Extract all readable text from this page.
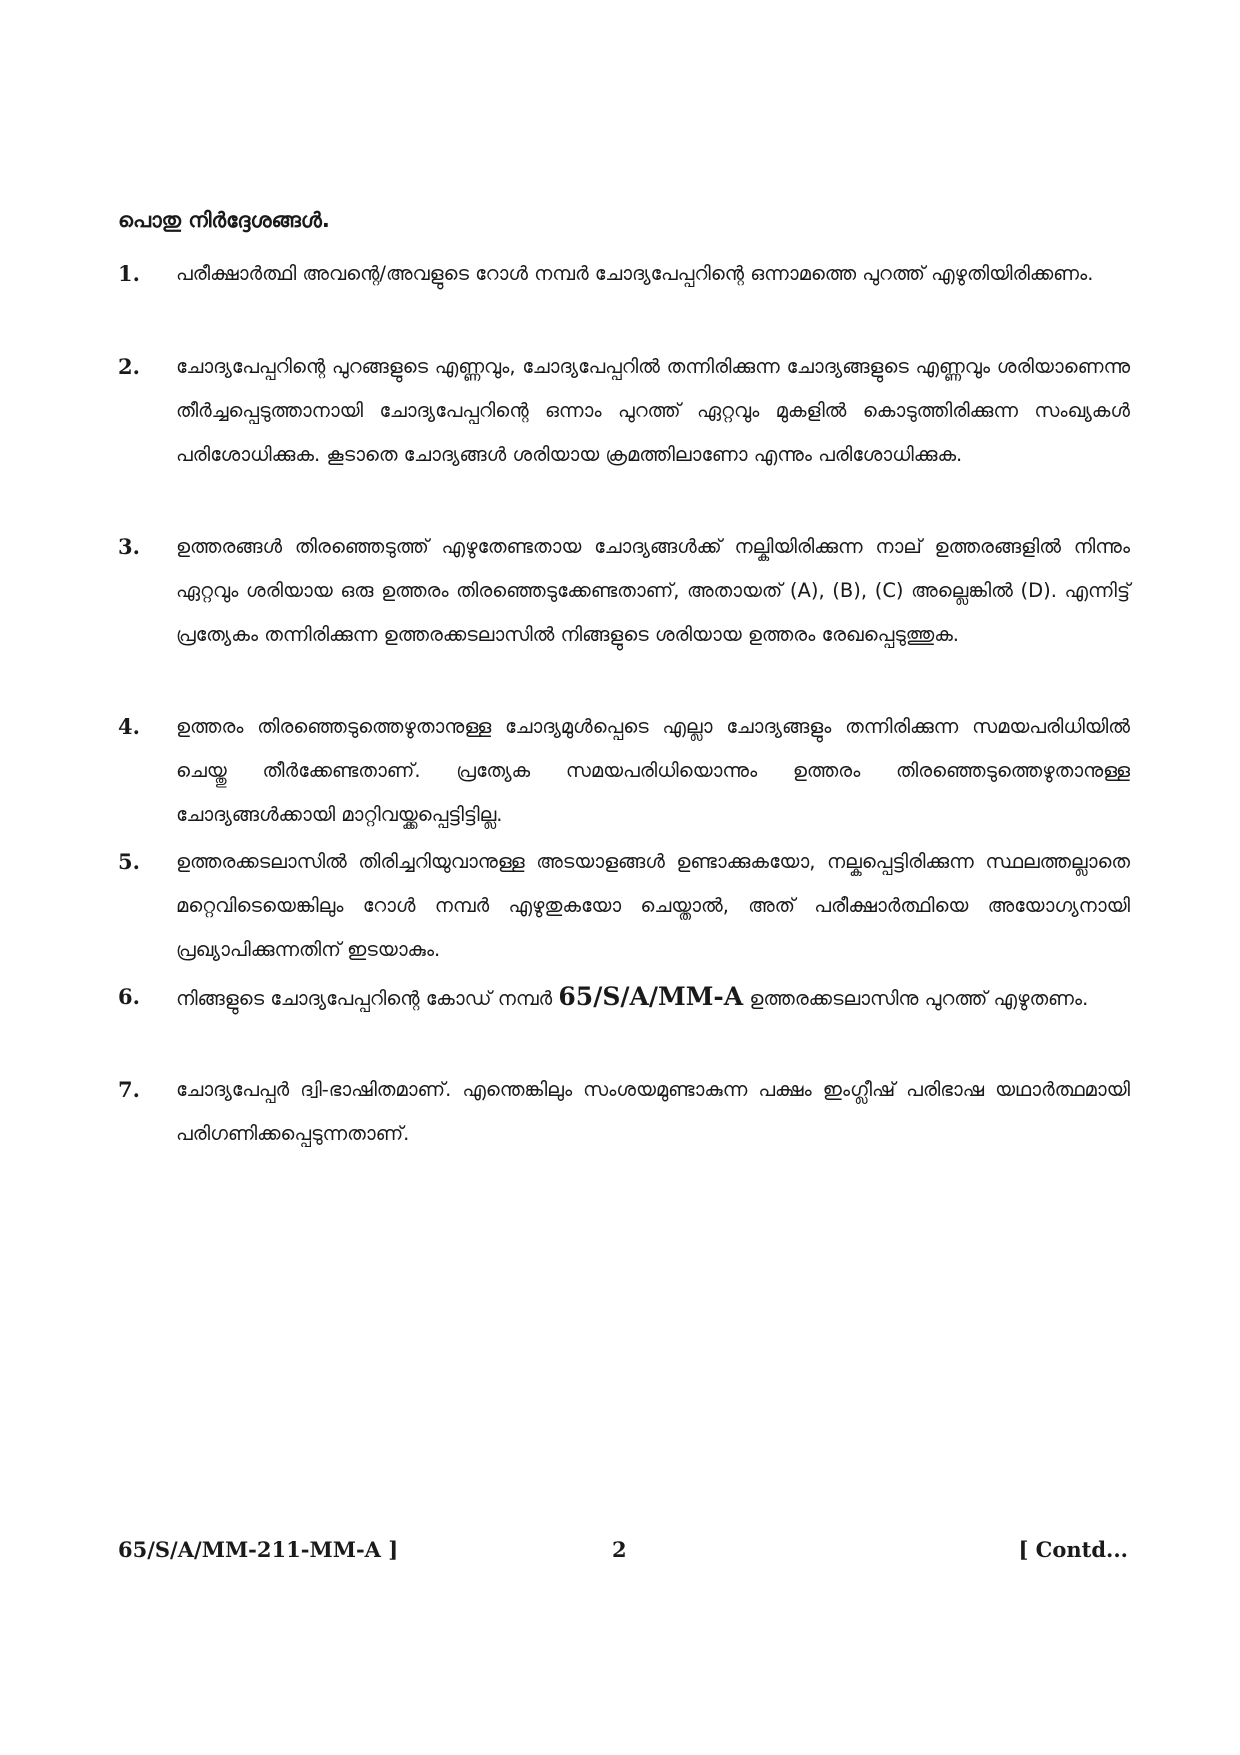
പൊതു നിർദ്ദേശങ്ങൾ.
1. പരീക്ഷാർത്ഥി അവന്റെ/അവളുടെ റോൾ നമ്പർ ചോദ്യപേപ്പറിന്റെ ഒന്നാമത്തെ പുറത്ത് എഴുതിയിരിക്കണം.
2. ചോദ്യപേപ്പറിന്റെ പുറങ്ങളുടെ എണ്ണവും, ചോദ്യപേപ്പറിൽ തന്നിരിക്കുന്ന ചോദ്യങ്ങളുടെ എണ്ണവും ശരിയാണെന്നു തീർച്ചപ്പെടുത്താനായി ചോദ്യപേപ്പറിന്റെ ഒന്നാം പുറത്ത് ഏറ്റവും മുകളിൽ കൊടുത്തിരിക്കുന്ന സംഖ്യകൾ പരിശോധിക്കുക. കൂടാതെ ചോദ്യങ്ങൾ ശരിയായ ക്രമത്തിലാണോ എന്നും പരിശോധിക്കുക.
3. ഉത്തരങ്ങൾ തിരഞ്ഞെടുത്ത് എഴുതേണ്ടതായ ചോദ്യങ്ങൾക്ക് നല്കിയിരിക്കുന്ന നാല് ഉത്തരങ്ങളിൽ നിന്നും ഏറ്റവും ശരിയായ ഒരു ഉത്തരം തിരഞ്ഞെടുക്കേണ്ടതാണ്, അതായത് (A), (B), (C) അല്ലെങ്കിൽ (D). എന്നിട്ട് പ്രത്യേകം തന്നിരിക്കുന്ന ഉത്തരക്കടലാസിൽ നിങ്ങളുടെ ശരിയായ ഉത്തരം രേഖപ്പെടുത്തുക.
4. ഉത്തരം തിരഞ്ഞെടുത്തെഴുതാനുള്ള ചോദ്യമുൾപ്പെടെ എല്ലാ ചോദ്യങ്ങളും തന്നിരിക്കുന്ന സമയപരിധിയിൽ ചെയ്തു തീർക്കേണ്ടതാണ്. പ്രത്യേക സമയപരിധിയൊന്നും ഉത്തരം തിരഞ്ഞെടുത്തെഴുതാനുള്ള ചോദ്യങ്ങൾക്കായി മാറ്റിവയ്ക്കപ്പെട്ടിട്ടില്ല.
5. ഉത്തരക്കടലാസിൽ തിരിച്ചറിയുവാനുള്ള അടയാളങ്ങൾ ഉണ്ടാക്കുകയോ, നല്കപ്പെട്ടിരിക്കുന്ന സ്ഥലത്തല്ലാതെ മറ്റെവിടെയെങ്കിലും റോൾ നമ്പർ എഴുതുകയോ ചെയ്താൽ, അത് പരീക്ഷാർത്ഥിയെ അയോഗ്യനായി പ്രഖ്യാപിക്കുന്നതിന് ഇടയാകും.
6. നിങ്ങളുടെ ചോദ്യപേപ്പറിന്റെ കോഡ് നമ്പർ 65/S/A/MM-A ഉത്തരക്കടലാസിനു പുറത്ത് എഴുതണം.
7. ചോദ്യപേപ്പർ ദ്വി-ഭാഷിതമാണ്. എന്തെങ്കിലും സംശയമുണ്ടാകുന്ന പക്ഷം ഇംഗ്ലീഷ് പരിഭാഷ യഥാർത്ഥമായി പരിഗണിക്കപ്പെടുന്നതാണ്.
65/S/A/MM-211-MM-A ]	2	[ Contd...
